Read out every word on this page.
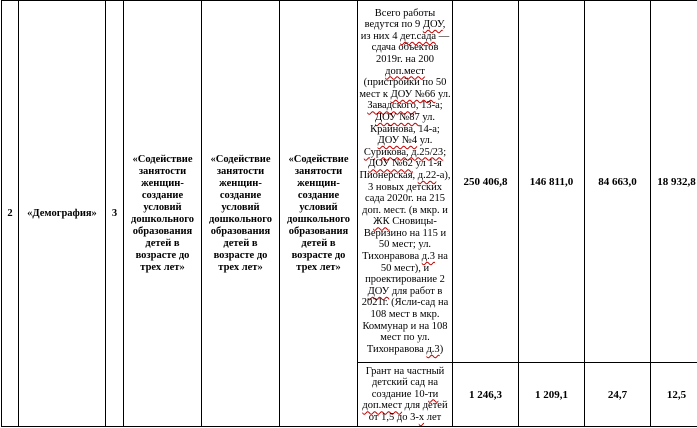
2	«Демография»	3	«Содействие занятости женщин- создание условий дошкольного образования детей в возрасте до трех лет»	«Содействие занятости женщин- создание условий дошкольного образования детей в возрасте до трех лет»	«Содействие занятости женщин- создание условий дошкольного образования детей в возрасте до трех лет»	Всего работы ведутся по 9 ДОУ, из них 4 дет.сада — сдача объектов 2019г. на 200 доп.мест (пристройки по 50 мест к ДОУ №66 ул. Завадского, 13-а; ДОУ №87 ул. Крайнова, 14-а; ДОУ №4 ул. Сурикова, д.25/23; ДОУ №62 ул 1-я Пионерская, д.22-а), 3 новых детских сада 2020г. на 215 доп. мест. (в мкр. и ЖК Сновицы-Веризино на 115 и 50 мест; ул. Тихонравова д.3 на 50 мест), и проектирование 2 ДОУ для работ в 2021г. (Ясли-сад на 108 мест в мкр. Коммунар и на 108 мест по ул. Тихонравова д.3)	250 406,8	146 811,0	84 663,0	18 932,8
						Грант на частный детский сад на создание 10-ти доп.мест для детей от 1,5 до 3-х лет	1 246,3	1 209,1	24,7	12,5
